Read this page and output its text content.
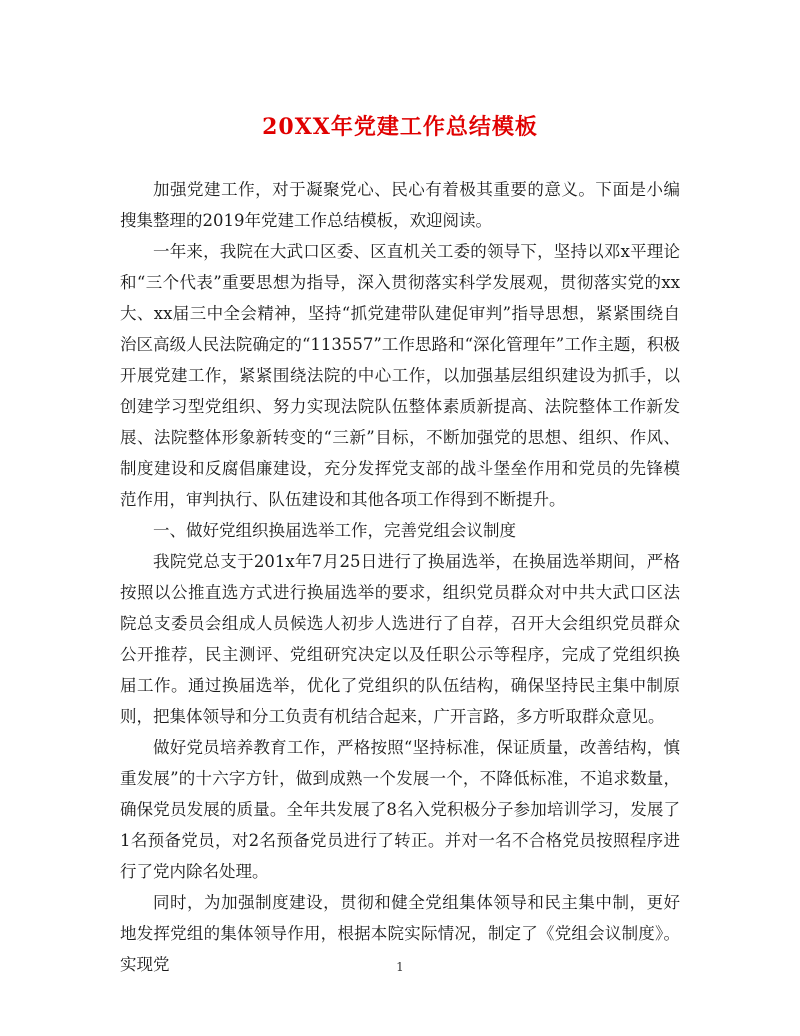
20XX年党建工作总结模板

加强党建工作，对于凝聚党心、民心有着极其重要的意义。下面是小编搜集整理的2019年党建工作总结模板，欢迎阅读。

一年来，我院在大武口区委、区直机关工委的领导下，坚持以邓x平理论和“三个代表”重要思想为指导，深入贯彻落实科学发展观，贯彻落实党的xx大、xx届三中全会精神，坚持“抓党建带队建促审判”指导思想，紧紧围绕自治区高级人民法院确定的“113557”工作思路和“深化管理年”工作主题，积极开展党建工作，紧紧围绕法院的中心工作，以加强基层组织建设为抓手，以创建学习型党组织、努力实现法院队伍整体素质新提高、法院整体工作新发展、法院整体形象新转变的“三新”目标，不断加强党的思想、组织、作风、制度建设和反腐倡廉建设，充分发挥党支部的战斗堡垒作用和党员的先锋模范作用，审判执行、队伍建设和其他各项工作得到不断提升。

一、做好党组织换届选举工作，完善党组会议制度

我院党总支于201x年7月25日进行了换届选举，在换届选举期间，严格按照以公推直选方式进行换届选举的要求，组织党员群众对中共大武口区法院总支委员会组成人员候选人初步人选进行了自荐，召开大会组织党员群众公开推荐，民主测评、党组研究决定以及任职公示等程序，完成了党组织换届工作。通过换届选举，优化了党组织的队伍结构，确保坚持民主集中制原则，把集体领导和分工负责有机结合起来，广开言路，多方听取群众意见。

做好党员培养教育工作，严格按照“坚持标准，保证质量，改善结构，慎重发展”的十六字方针，做到成熟一个发展一个，不降低标准，不追求数量，确保党员发展的质量。全年共发展了8名入党积极分子参加培训学习，发展了1名预备党员，对2名预备党员进行了转正。并对一名不合格党员按照程序进行了党内除名处理。

同时，为加强制度建设，贯彻和健全党组集体领导和民主集中制，更好地发挥党组的集体领导作用，根据本院实际情况，制定了《党组会议制度》。实现党	1
